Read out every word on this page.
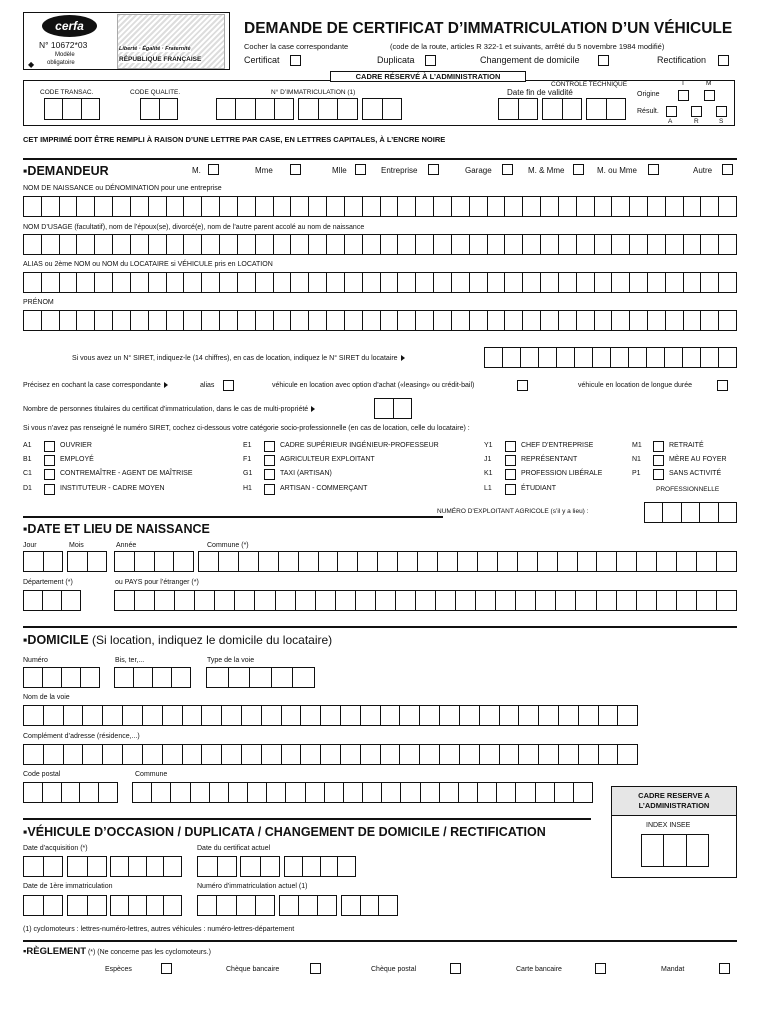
cerfa
N° 10672*03
Modèle
obligatoire
◆
Liberté · Égalité · Fraternité
RÉPUBLIQUE FRANÇAISE
DEMANDE DE CERTIFICAT D’IMMATRICULATION D’UN VÉHICULE
Cocher la case correspondante	(code de la route, articles R 322-1 et suivants, arrêté du 5 novembre 1984 modifié)
Certificat	Duplicata	Changement de domicile	Rectification
CADRE RÉSERVÉ À L’ADMINISTRATION
CODE TRANSAC.	CODE QUALITE.	N° D’IMMATRICULATION (1)	Date fin de validité
CONTROLE TECHNIQUE	T	M
Origine
Résult.
A	R	S
CET IMPRIMÉ DOIT ÊTRE REMPLI À RAISON D’UNE LETTRE PAR CASE, EN LETTRES CAPITALES, À L’ENCRE NOIRE
▪DEMANDEUR	M.	Mme	Mlle	Entreprise	Garage	M. & Mme	M. ou Mme	Autre
NOM DE NAISSANCE ou DÉNOMINATION pour une entreprise
NOM D’USAGE (facultatif), nom de l’époux(se), divorcé(e), nom de l’autre parent accolé au nom de naissance
ALIAS ou 2ème NOM ou NOM du LOCATAIRE si VÉHICULE pris en LOCATION
PRÉNOM
Si vous avez un N° SIRET, indiquez-le (14 chiffres), en cas de location, indiquez le N° SIRET du locataire
Précisez en cochant la case correspondante	alias	véhicule en location avec option d’achat («leasing» ou crédit-bail)	véhicule en location de longue durée
Nombre de personnes titulaires du certificat d’immatriculation, dans le cas de multi-propriété
Si vous n’avez pas renseigné le numéro SIRET, cochez ci-dessous votre catégorie socio-professionnelle (en cas de location, celle du locataire) :
A1	OUVRIER
B1	EMPLOYÉ
C1	CONTREMAÎTRE - AGENT DE MAÎTRISE
D1	INSTITUTEUR - CADRE MOYEN
E1	CADRE SUPÉRIEUR INGÉNIEUR-PROFESSEUR
F1	AGRICULTEUR EXPLOITANT
G1	TAXI (ARTISAN)
H1	ARTISAN - COMMERÇANT
Y1	CHEF D’ENTREPRISE
J1	REPRÉSENTANT
K1	PROFESSION LIBÉRALE
L1	ÉTUDIANT
M1	RETRAITÉ
N1	MÈRE AU FOYER
P1	SANS ACTIVITÉ
PROFESSIONNELLE
NUMÉRO D’EXPLOITANT AGRICOLE (s’il y a lieu) :
▪DATE ET LIEU DE NAISSANCE
Jour	Mois	Année	Commune (*)
Département (*)	ou PAYS pour l’étranger (*)
▪DOMICILE (Si location, indiquez le domicile du locataire)
Numéro	Bis, ter,...	Type de la voie
Nom de la voie
Complément d’adresse (résidence,...)
Code postal	Commune
CADRE RESERVE A
L’ADMINISTRATION
INDEX INSEE
▪VÉHICULE D’OCCASION / DUPLICATA / CHANGEMENT DE DOMICILE / RECTIFICATION
Date d’acquisition (*)	Date du certificat actuel
Date de 1ère immatriculation	Numéro d’immatriculation actuel (1)
(1) cyclomoteurs : lettres-numéro-lettres, autres véhicules : numéro-lettres-département
▪RÈGLEMENT (*) (Ne concerne pas les cyclomoteurs.)
Espèces	Chèque bancaire	Chèque postal	Carte bancaire	Mandat
